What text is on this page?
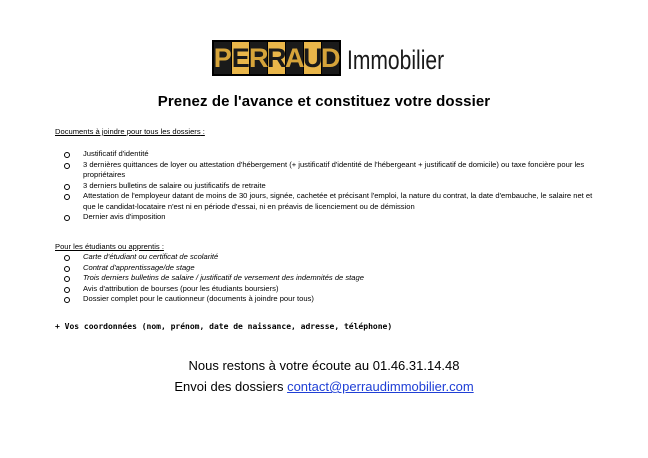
P E R R A U D Immobilier
Prenez de l'avance et constituez votre dossier
Documents à joindre pour tous les dossiers :
Justificatif d'identité
3 dernières quittances de loyer ou attestation d'hébergement (+ justificatif d'identité de l'hébergeant + justificatif de domicile) ou taxe foncière pour les propriétaires
3 derniers bulletins de salaire ou justificatifs de retraite
Attestation de l'employeur datant de moins de 30 jours, signée, cachetée et précisant l'emploi, la nature du contrat, la date d'embauche, le salaire net et que le candidat-locataire n'est ni en période d'essai, ni en préavis de licenciement ou de démission
Dernier avis d'imposition
Pour les étudiants ou apprentis :
Carte d'étudiant ou certificat de scolarité
Contrat d'apprentissage/de stage
Trois derniers bulletins de salaire / justificatif de versement des indemnités de stage
Avis d'attribution de bourses (pour les étudiants boursiers)
Dossier complet pour le cautionneur (documents à joindre pour tous)
+ Vos coordonnées (nom, prénom, date de naissance, adresse, téléphone)
Nous restons à votre écoute au 01.46.31.14.48
Envoi des dossiers contact@perraudimmobilier.com
